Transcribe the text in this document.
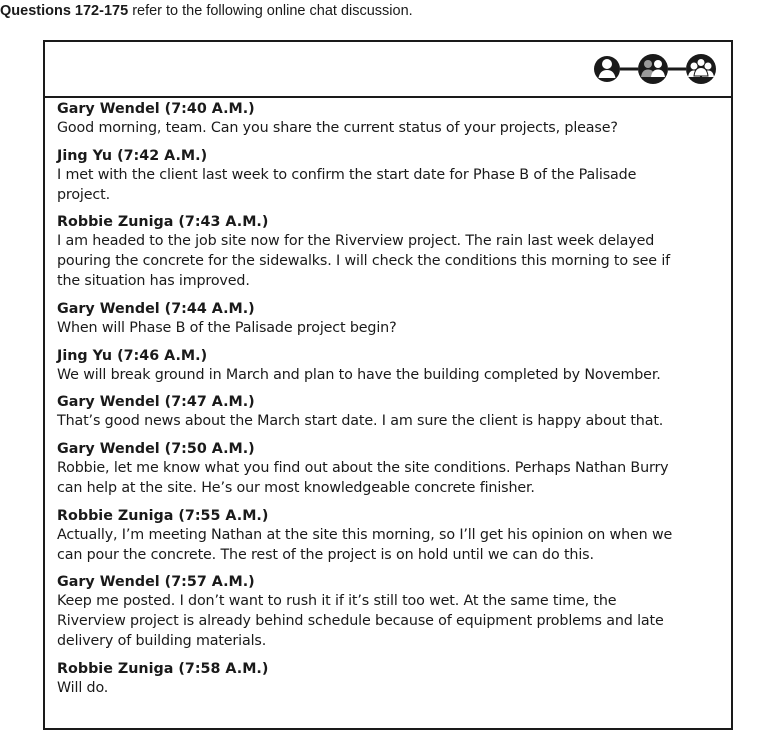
Questions 172-175 refer to the following online chat discussion.
Gary Wendel (7:40 A.M.)
Good morning, team. Can you share the current status of your projects, please?
Jing Yu (7:42 A.M.)
I met with the client last week to confirm the start date for Phase B of the Palisade
project.
Robbie Zuniga (7:43 A.M.)
I am headed to the job site now for the Riverview project. The rain last week delayed
pouring the concrete for the sidewalks. I will check the conditions this morning to see if
the situation has improved.
Gary Wendel (7:44 A.M.)
When will Phase B of the Palisade project begin?
Jing Yu (7:46 A.M.)
We will break ground in March and plan to have the building completed by November.
Gary Wendel (7:47 A.M.)
That’s good news about the March start date. I am sure the client is happy about that.
Gary Wendel (7:50 A.M.)
Robbie, let me know what you find out about the site conditions. Perhaps Nathan Burry
can help at the site. He’s our most knowledgeable concrete finisher.
Robbie Zuniga (7:55 A.M.)
Actually, I’m meeting Nathan at the site this morning, so I’ll get his opinion on when we
can pour the concrete. The rest of the project is on hold until we can do this.
Gary Wendel (7:57 A.M.)
Keep me posted. I don’t want to rush it if it’s still too wet. At the same time, the
Riverview project is already behind schedule because of equipment problems and late
delivery of building materials.
Robbie Zuniga (7:58 A.M.)
Will do.
